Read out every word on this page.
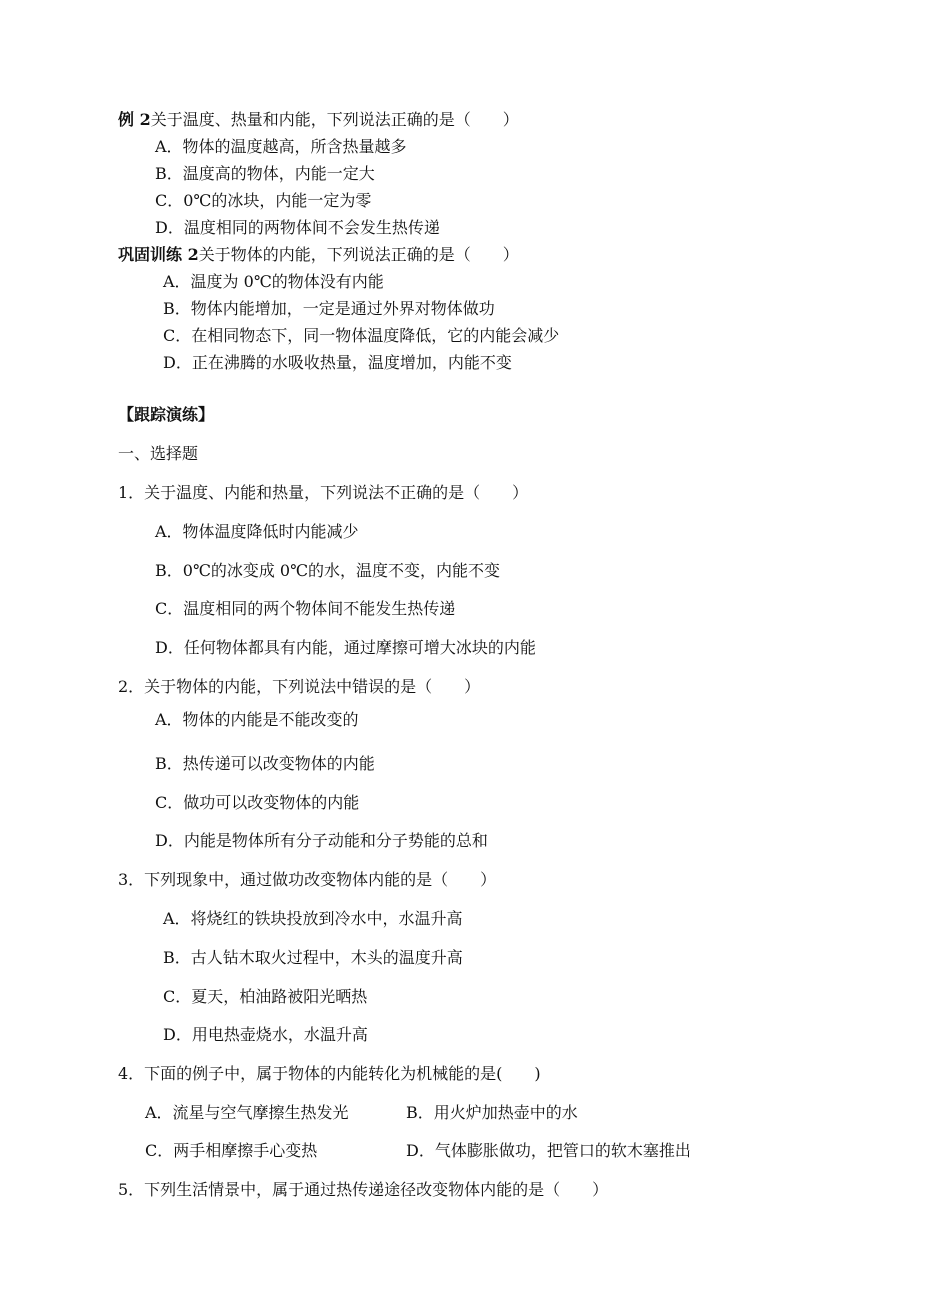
例 2关于温度、热量和内能，下列说法正确的是（　　）
A．物体的温度越高，所含热量越多
B．温度高的物体，内能一定大
C．0℃的冰块，内能一定为零
D．温度相同的两物体间不会发生热传递
巩固训练 2关于物体的内能，下列说法正确的是（　　）
A．温度为 0℃的物体没有内能
B．物体内能增加，一定是通过外界对物体做功
C．在相同物态下，同一物体温度降低，它的内能会减少
D．正在沸腾的水吸收热量，温度增加，内能不变
【跟踪演练】
一、选择题
1．关于温度、内能和热量，下列说法不正确的是（　　）
A．物体温度降低时内能减少
B．0℃的冰变成 0℃的水，温度不变，内能不变
C．温度相同的两个物体间不能发生热传递
D．任何物体都具有内能，通过摩擦可增大冰块的内能
2．关于物体的内能，下列说法中错误的是（　　）
A．物体的内能是不能改变的
B．热传递可以改变物体的内能
C．做功可以改变物体的内能
D．内能是物体所有分子动能和分子势能的总和
3．下列现象中，通过做功改变物体内能的是（　　）
A．将烧红的铁块投放到冷水中，水温升高
B．古人钻木取火过程中，木头的温度升高
C．夏天，柏油路被阳光晒热
D．用电热壶烧水，水温升高
4．下面的例子中，属于物体的内能转化为机械能的是(　　)
A．流星与空气摩擦生热发光	B．用火炉加热壶中的水
C．两手相摩擦手心变热	D．气体膨胀做功，把管口的软木塞推出
5．下列生活情景中，属于通过热传递途径改变物体内能的是（　　）
